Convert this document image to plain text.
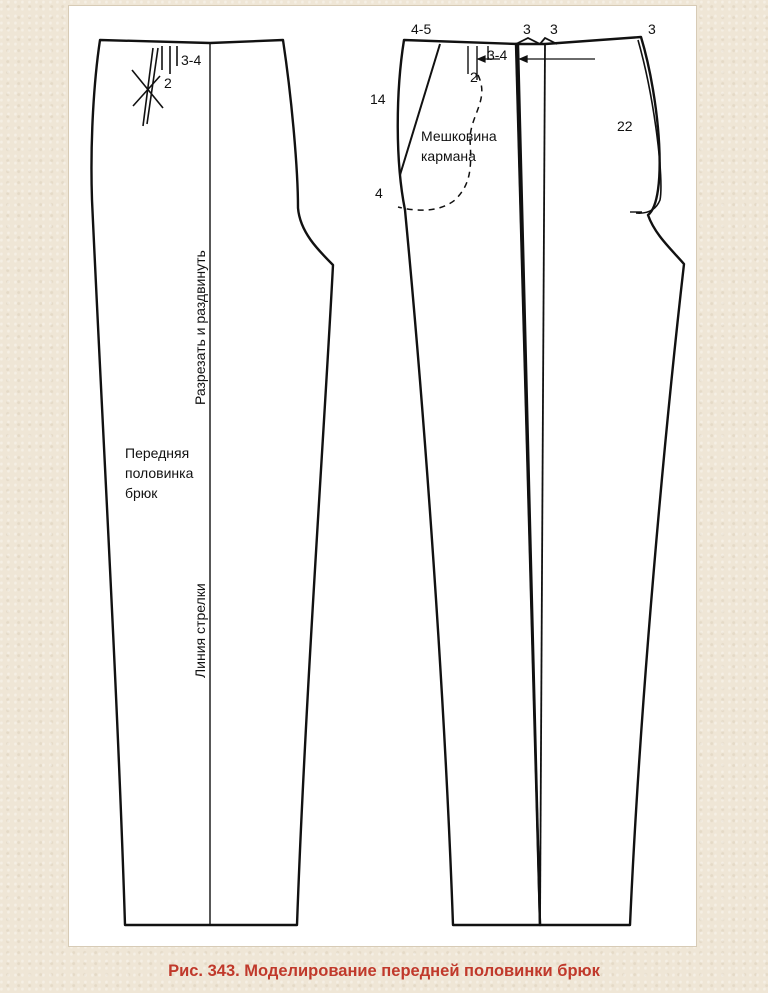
3-4
2
Разрезать и раздвинуть
Передняя
половинка
брюк
Линия стрелки
4-5	3 3	3
3-4
2
14
4
22
Мешковина
кармана
Рис. 343. Моделирование передней половинки брюк
